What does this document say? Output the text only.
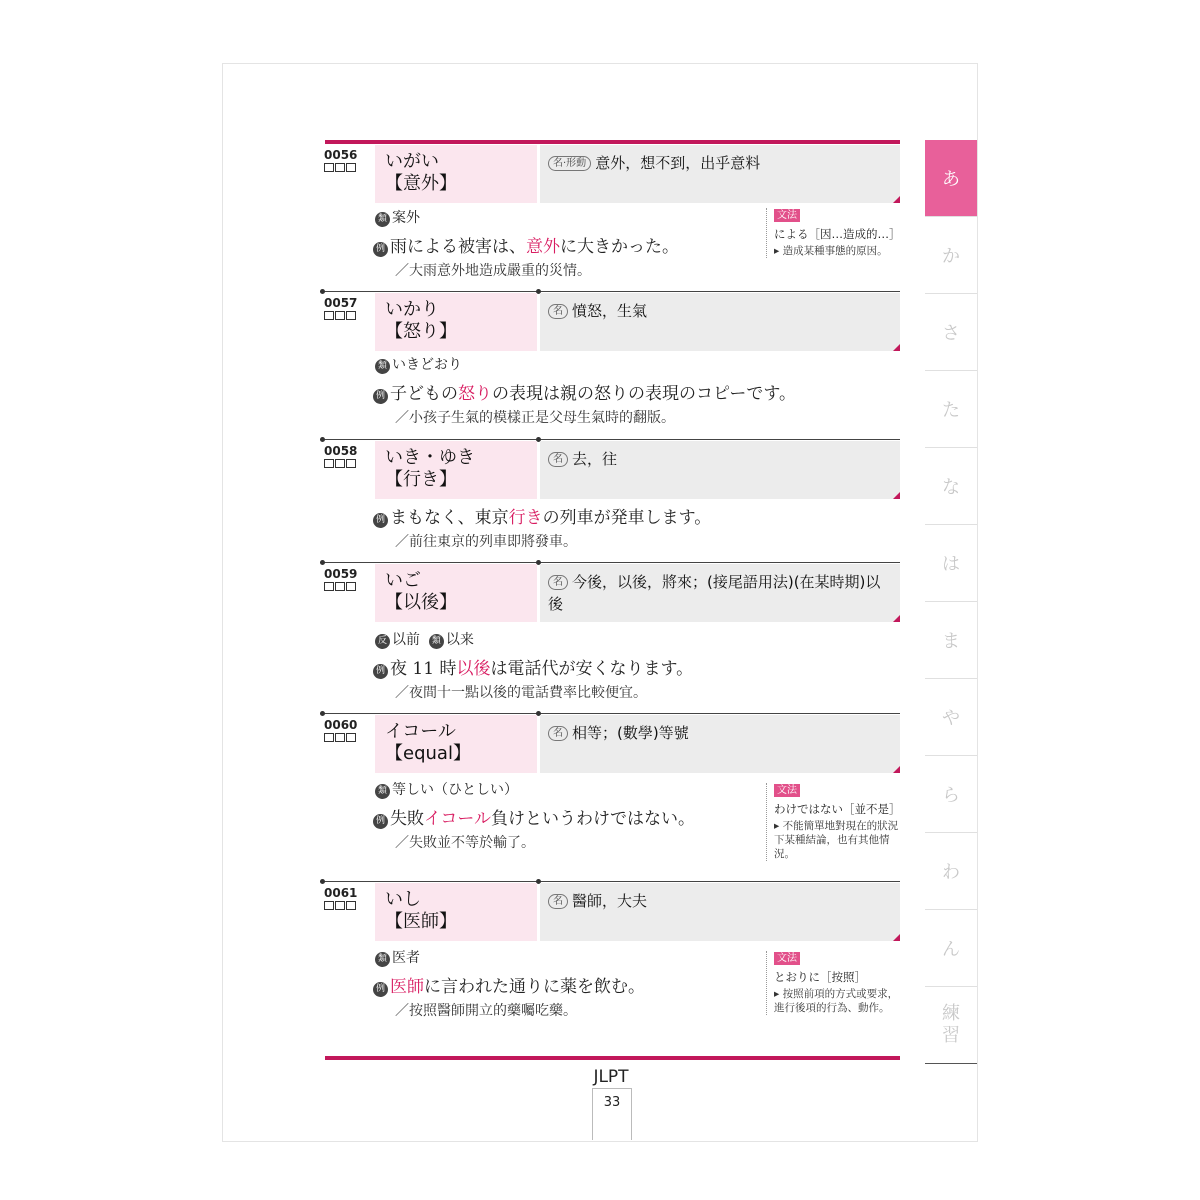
0056 いがい
【意外】
名·形動 意外，想不到，出乎意料
類 案外
例 雨による被害は、意外に大きかった。
／大雨意外地造成嚴重的災情。
文法
による［因…造成的…］
▸ 造成某種事態的原因。
0057 いかり
【怒り】
名 憤怒，生氣
類 いきどおり
例 子どもの怒りの表現は親の怒りの表現のコピーです。
／小孩子生氣的模樣正是父母生氣時的翻版。
0058 いき・ゆき
【行き】
名 去，往
例 まもなく、東京行きの列車が発車します。
／前往東京的列車即將發車。
0059 いご
【以後】
名 今後，以後，將來；(接尾語用法)(在某時期)以後
反 以前 類 以来
例 夜 11 時以後は電話代が安くなります。
／夜間十一點以後的電話費率比較便宜。
0060 イコール
【equal】
名 相等；(數學)等號
類 等しい（ひとしい）
例 失敗イコール負けというわけではない。
／失敗並不等於輸了。
文法
わけではない［並不是］
▸ 不能簡單地對現在的狀況下某種結論，也有其他情況。
0061 いし
【医師】
名 醫師，大夫
類 医者
例 医師に言われた通りに薬を飲む。
／按照醫師開立的藥囑吃藥。
文法
とおりに［按照］
▸ 按照前項的方式或要求，進行後項的行為、動作。
あ
か
さ
た
な
は
ま
や
ら
わ
ん
練
習
JLPT
33
